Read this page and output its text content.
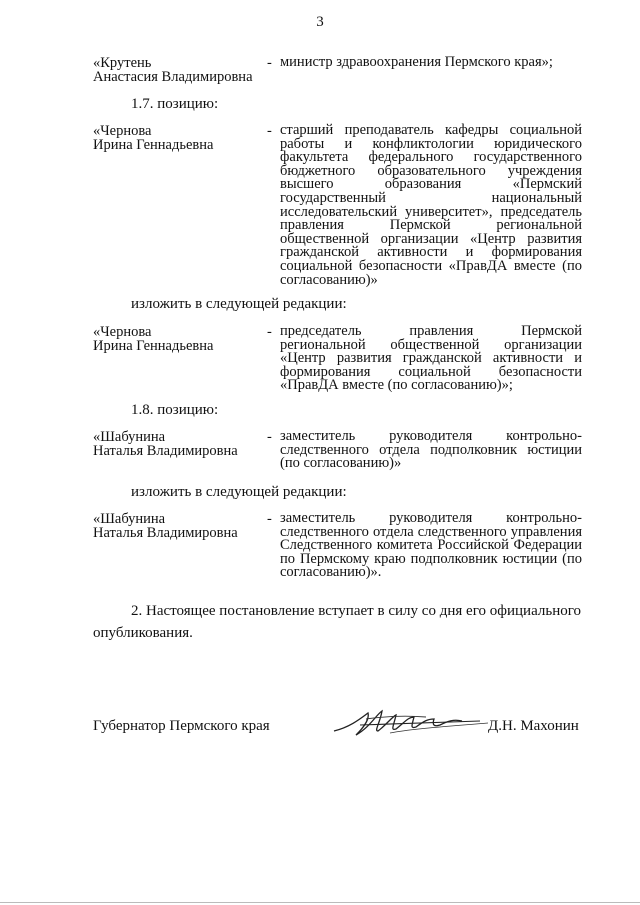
3
«Крутень
Анастасия Владимировна
- министр здравоохранения Пермского края»;
1.7. позицию:
«Чернова
Ирина Геннадьевна
- старший преподаватель кафедры социальной работы и конфликтологии юридического факультета федерального государственного бюджетного образовательного учреждения высшего образования «Пермский государственный национальный исследовательский университет», председатель правления Пермской региональной общественной организации «Центр развития гражданской активности и формирования социальной безопасности «ПравДА вместе (по согласованию)»
изложить в следующей редакции:
«Чернова
Ирина Геннадьевна
- председатель правления Пермской региональной общественной организации «Центр развития гражданской активности и формирования социальной безопасности «ПравДА вместе (по согласованию)»;
1.8. позицию:
«Шабунина
Наталья Владимировна
- заместитель руководителя контрольно-следственного отдела подполковник юстиции (по согласованию)»
изложить в следующей редакции:
«Шабунина
Наталья Владимировна
- заместитель руководителя контрольно-следственного отдела следственного управления Следственного комитета Российской Федерации по Пермскому краю подполковник юстиции (по согласованию)».
2. Настоящее постановление вступает в силу со дня его официального опубликования.
Губернатор Пермского края	Д.Н. Махонин
